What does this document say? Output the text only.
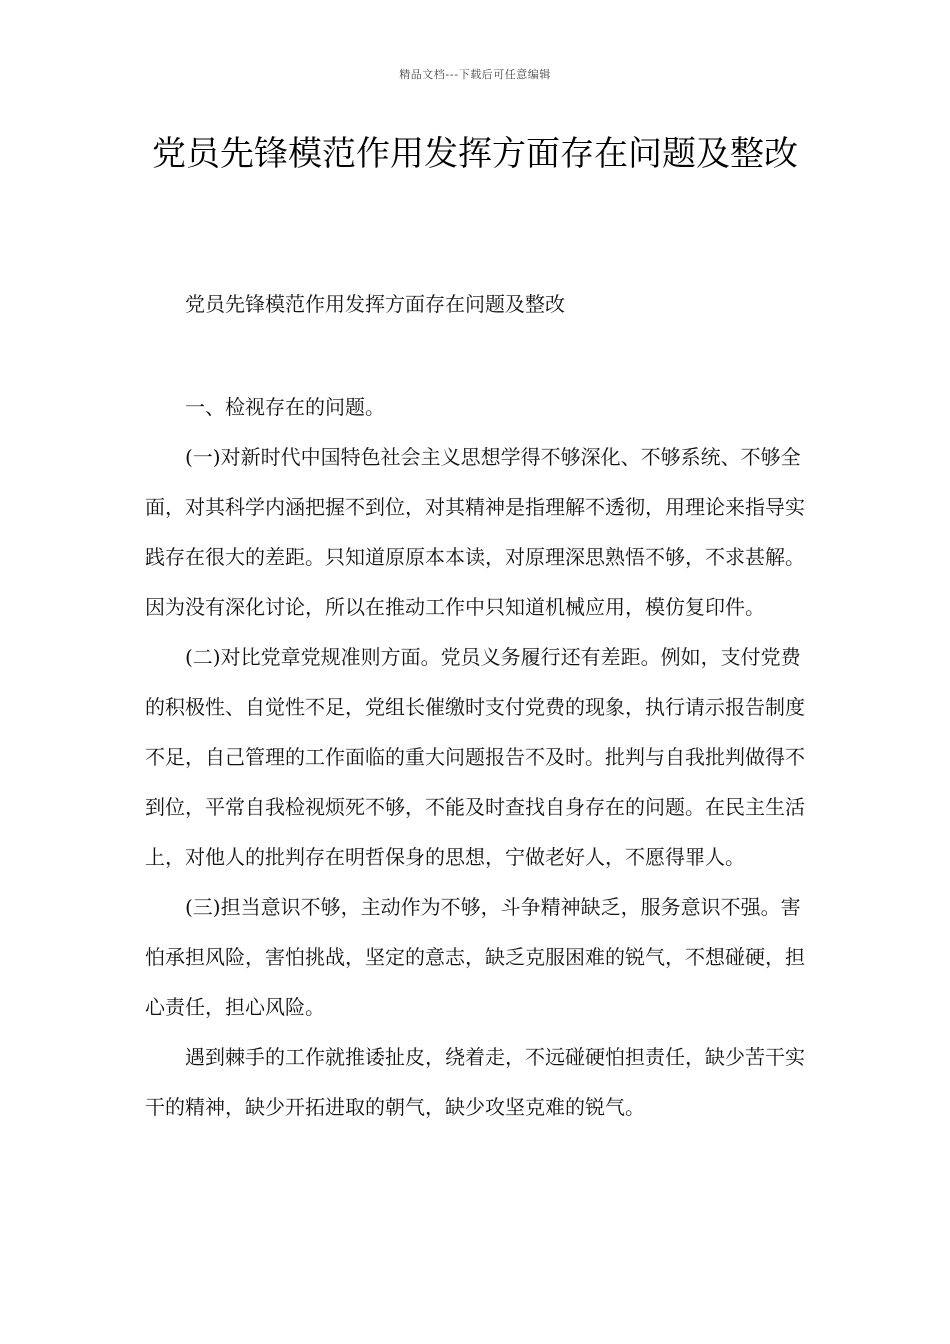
精品文档---下载后可任意编辑
党员先锋模范作用发挥方面存在问题及整改

党员先锋模范作用发挥方面存在问题及整改

一、检视存在的问题。

(一)对新时代中国特色社会主义思想学得不够深化、不够系统、不够全面，对其科学内涵把握不到位，对其精神是指理解不透彻，用理论来指导实践存在很大的差距。只知道原原本本读，对原理深思熟悟不够，不求甚解。因为没有深化讨论，所以在推动工作中只知道机械应用，模仿复印件。

(二)对比党章党规准则方面。党员义务履行还有差距。例如，支付党费的积极性、自觉性不足，党组长催缴时支付党费的现象，执行请示报告制度不足，自己管理的工作面临的重大问题报告不及时。批判与自我批判做得不到位，平常自我检视烦死不够，不能及时查找自身存在的问题。在民主生活上，对他人的批判存在明哲保身的思想，宁做老好人，不愿得罪人。

(三)担当意识不够，主动作为不够，斗争精神缺乏，服务意识不强。害怕承担风险，害怕挑战，坚定的意志，缺乏克服困难的锐气，不想碰硬，担心责任，担心风险。

遇到棘手的工作就推诿扯皮，绕着走，不远碰硬怕担责任，缺少苦干实干的精神，缺少开拓进取的朝气，缺少攻坚克难的锐气。
